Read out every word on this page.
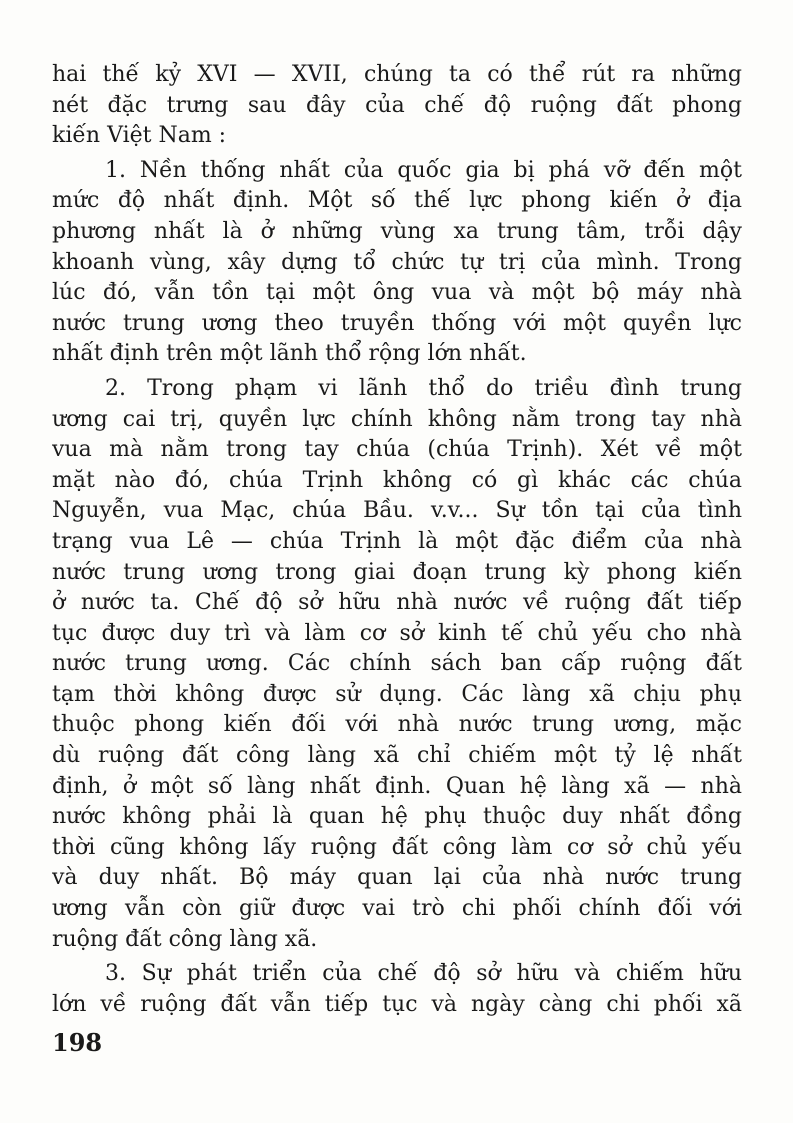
hai thế kỷ XVI — XVII, chúng ta có thể rút ra những
nét đặc trưng sau đây của chế độ ruộng đất phong
kiến Việt Nam :
1. Nền thống nhất của quốc gia bị phá vỡ đến một
mức độ nhất định. Một số thế lực phong kiến ở địa
phương nhất là ở những vùng xa trung tâm, trỗi dậy
khoanh vùng, xây dựng tổ chức tự trị của mình. Trong
lúc đó, vẫn tồn tại một ông vua và một bộ máy nhà
nước trung ương theo truyền thống với một quyền lực
nhất định trên một lãnh thổ rộng lớn nhất.
2. Trong phạm vi lãnh thổ do triều đình trung
ương cai trị, quyền lực chính không nằm trong tay nhà
vua mà nằm trong tay chúa (chúa Trịnh). Xét về một
mặt nào đó, chúa Trịnh không có gì khác các chúa
Nguyễn, vua Mạc, chúa Bầu. v.v... Sự tồn tại của tình
trạng vua Lê — chúa Trịnh là một đặc điểm của nhà
nước trung ương trong giai đoạn trung kỳ phong kiến
ở nước ta. Chế độ sở hữu nhà nước về ruộng đất tiếp
tục được duy trì và làm cơ sở kinh tế chủ yếu cho nhà
nước trung ương. Các chính sách ban cấp ruộng đất
tạm thời không được sử dụng. Các làng xã chịu phụ
thuộc phong kiến đối với nhà nước trung ương, mặc
dù ruộng đất công làng xã chỉ chiếm một tỷ lệ nhất
định, ở một số làng nhất định. Quan hệ làng xã — nhà
nước không phải là quan hệ phụ thuộc duy nhất đồng
thời cũng không lấy ruộng đất công làm cơ sở chủ yếu
và duy nhất. Bộ máy quan lại của nhà nước trung
ương vẫn còn giữ được vai trò chi phối chính đối với
ruộng đất công làng xã.
3. Sự phát triển của chế độ sở hữu và chiếm hữu
lớn về ruộng đất vẫn tiếp tục và ngày càng chi phối xã
198
